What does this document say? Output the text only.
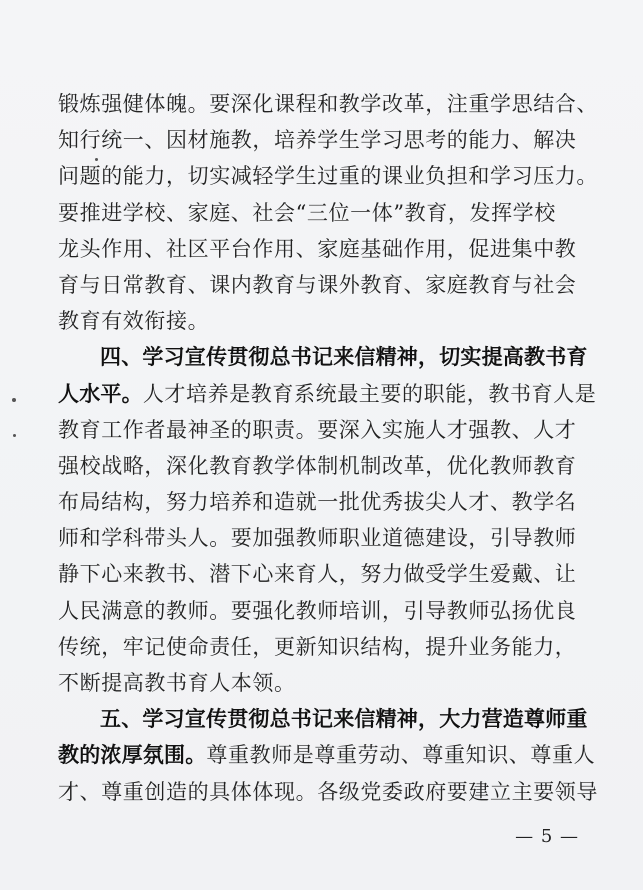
锻炼强健体魄。要深化课程和教学改革，注重学思结合、
知行统一、因材施教，培养学生学习思考的能力、解决
问题的能力，切实减轻学生过重的课业负担和学习压力。
要推进学校、家庭、社会“三位一体”教育，发挥学校
龙头作用、社区平台作用、家庭基础作用，促进集中教
育与日常教育、课内教育与课外教育、家庭教育与社会
教育有效衔接。
四、学习宣传贯彻总书记来信精神，切实提高教书育
人水平。人才培养是教育系统最主要的职能，教书育人是
教育工作者最神圣的职责。要深入实施人才强教、人才
强校战略，深化教育教学体制机制改革，优化教师教育
布局结构，努力培养和造就一批优秀拔尖人才、教学名
师和学科带头人。要加强教师职业道德建设，引导教师
静下心来教书、潜下心来育人，努力做受学生爱戴、让
人民满意的教师。要强化教师培训，引导教师弘扬优良
传统，牢记使命责任，更新知识结构，提升业务能力，
不断提高教书育人本领。
五、学习宣传贯彻总书记来信精神，大力营造尊师重
教的浓厚氛围。尊重教师是尊重劳动、尊重知识、尊重人
才、尊重创造的具体体现。各级党委政府要建立主要领导
— 5 —
